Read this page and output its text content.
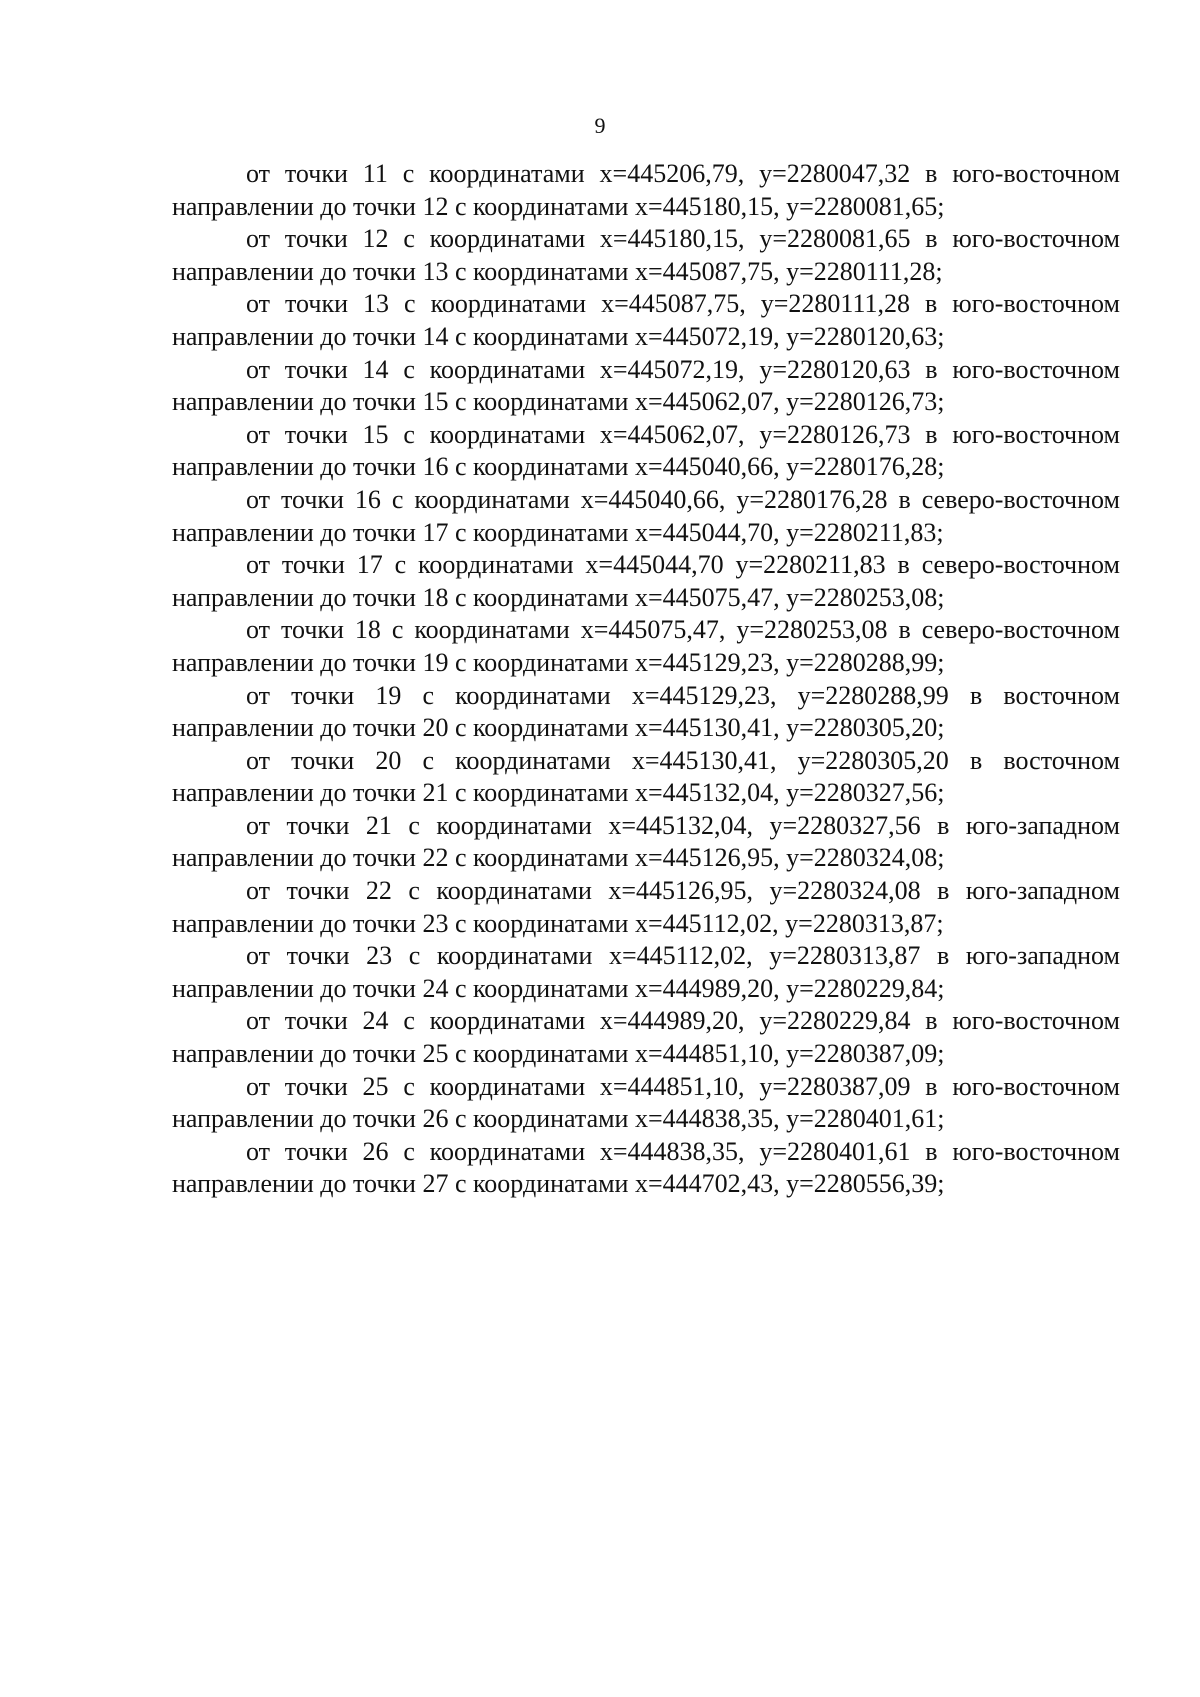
9

от точки 11 с координатами х=445206,79, у=2280047,32 в юго-восточном направлении до точки 12 с координатами х=445180,15, у=2280081,65;

от точки 12 с координатами х=445180,15, у=2280081,65 в юго-восточном направлении до точки 13 с координатами х=445087,75, у=2280111,28;

от точки 13 с координатами х=445087,75, у=2280111,28 в юго-восточном направлении до точки 14 с координатами х=445072,19, у=2280120,63;

от точки 14 с координатами х=445072,19, у=2280120,63 в юго-восточном направлении до точки 15 с координатами х=445062,07, у=2280126,73;

от точки 15 с координатами х=445062,07, у=2280126,73 в юго-восточном направлении до точки 16 с координатами х=445040,66, у=2280176,28;

от точки 16 с координатами х=445040,66, у=2280176,28 в северо-восточном направлении до точки 17 с координатами х=445044,70, у=2280211,83;

от точки 17 с координатами х=445044,70 у=2280211,83 в северо-восточном направлении до точки 18 с координатами х=445075,47, у=2280253,08;

от точки 18 с координатами х=445075,47, у=2280253,08 в северо-восточном направлении до точки 19 с координатами х=445129,23, у=2280288,99;

от точки 19 с координатами х=445129,23, у=2280288,99 в восточном направлении до точки 20 с координатами х=445130,41, у=2280305,20;

от точки 20 с координатами х=445130,41, у=2280305,20 в восточном направлении до точки 21 с координатами х=445132,04, у=2280327,56;

от точки 21 с координатами х=445132,04, у=2280327,56 в юго-западном направлении до точки 22 с координатами х=445126,95, у=2280324,08;

от точки 22 с координатами х=445126,95, у=2280324,08 в юго-западном направлении до точки 23 с координатами х=445112,02, у=2280313,87;

от точки 23 с координатами х=445112,02, у=2280313,87 в юго-западном направлении до точки 24 с координатами х=444989,20, у=2280229,84;

от точки 24 с координатами х=444989,20, у=2280229,84 в юго-восточном направлении до точки 25 с координатами х=444851,10, у=2280387,09;

от точки 25 с координатами х=444851,10, у=2280387,09 в юго-восточном направлении до точки 26 с координатами х=444838,35, у=2280401,61;

от точки 26 с координатами х=444838,35, у=2280401,61 в юго-восточном направлении до точки 27 с координатами х=444702,43, у=2280556,39;
